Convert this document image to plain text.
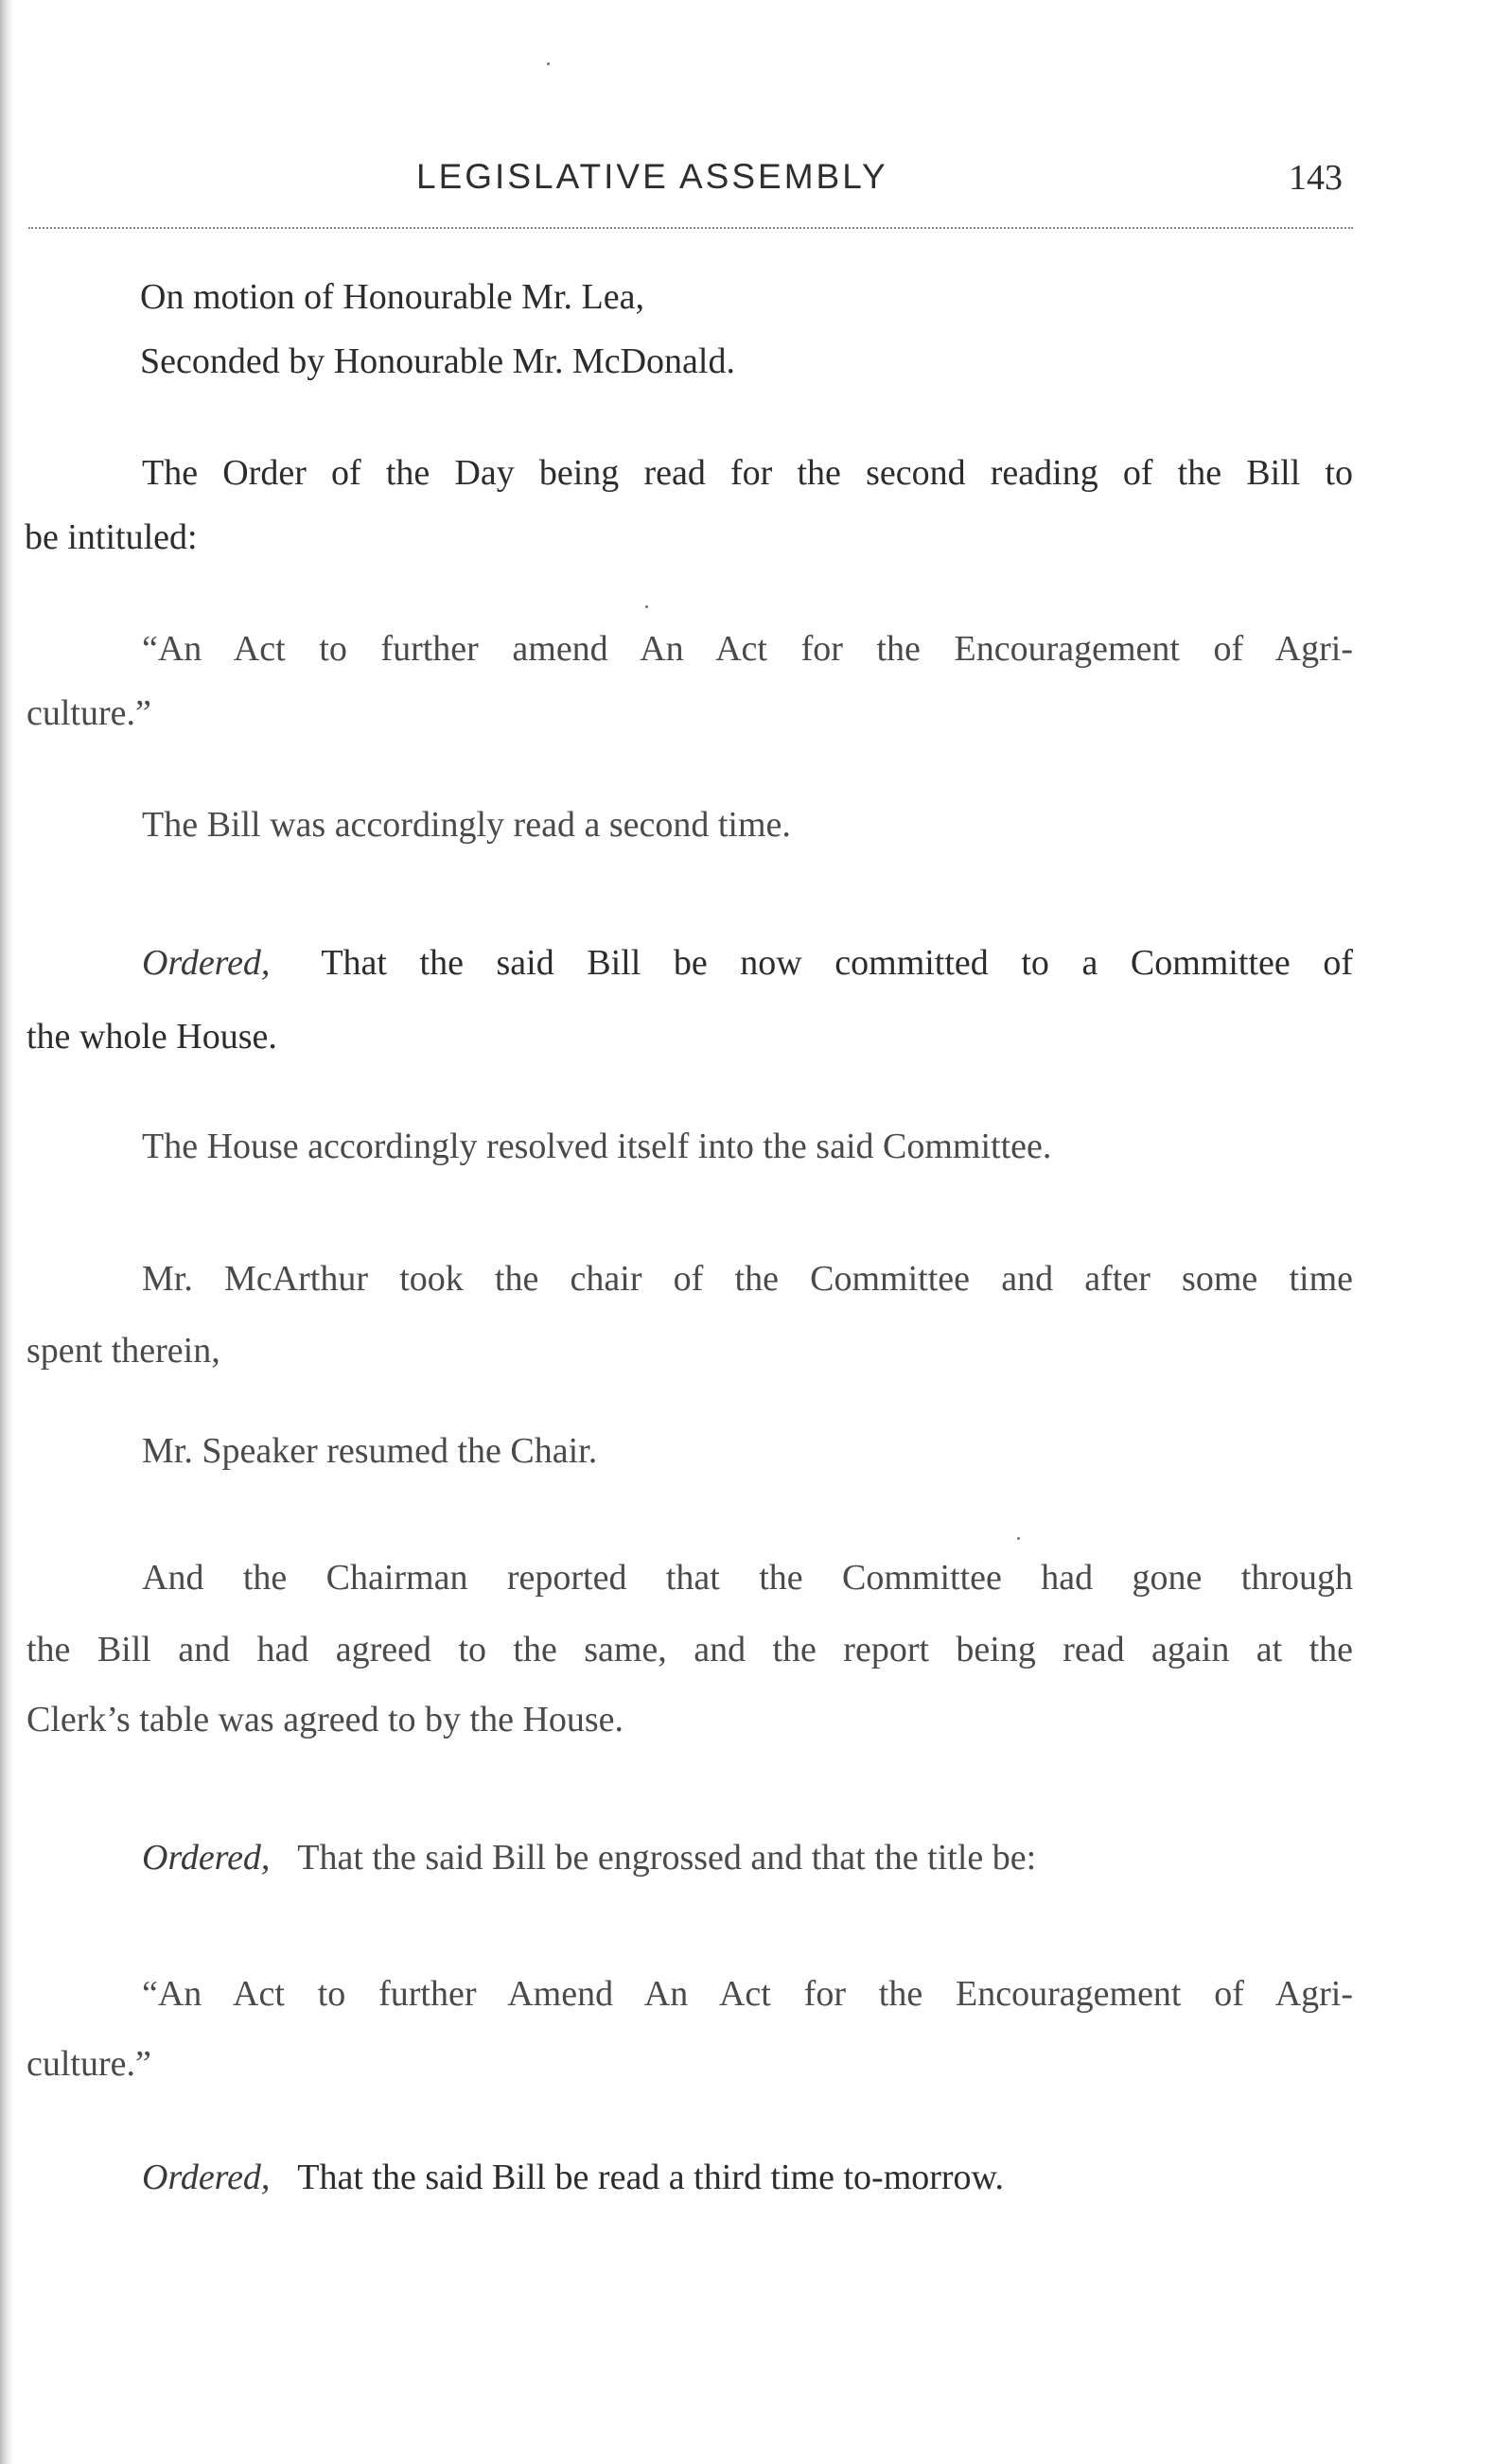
LEGISLATIVE ASSEMBLY	143
On motion of Honourable Mr. Lea,
Seconded by Honourable Mr. McDonald.
The Order of the Day being read for the second reading of the Bill to
be intituled:
“An Act to further amend An Act for the Encouragement of Agri-
culture.”
The Bill was accordingly read a second time.
Ordered, That the said Bill be now committed to a Committee of
the whole House.
The House accordingly resolved itself into the said Committee.
Mr. McArthur took the chair of the Committee and after some time
spent therein,
Mr. Speaker resumed the Chair.
And the Chairman reported that the Committee had gone through
the Bill and had agreed to the same, and the report being read again at the
Clerk’s table was agreed to by the House.
Ordered, That the said Bill be engrossed and that the title be:
“An Act to further Amend An Act for the Encouragement of Agri-
culture.”
Ordered, That the said Bill be read a third time to-morrow.
